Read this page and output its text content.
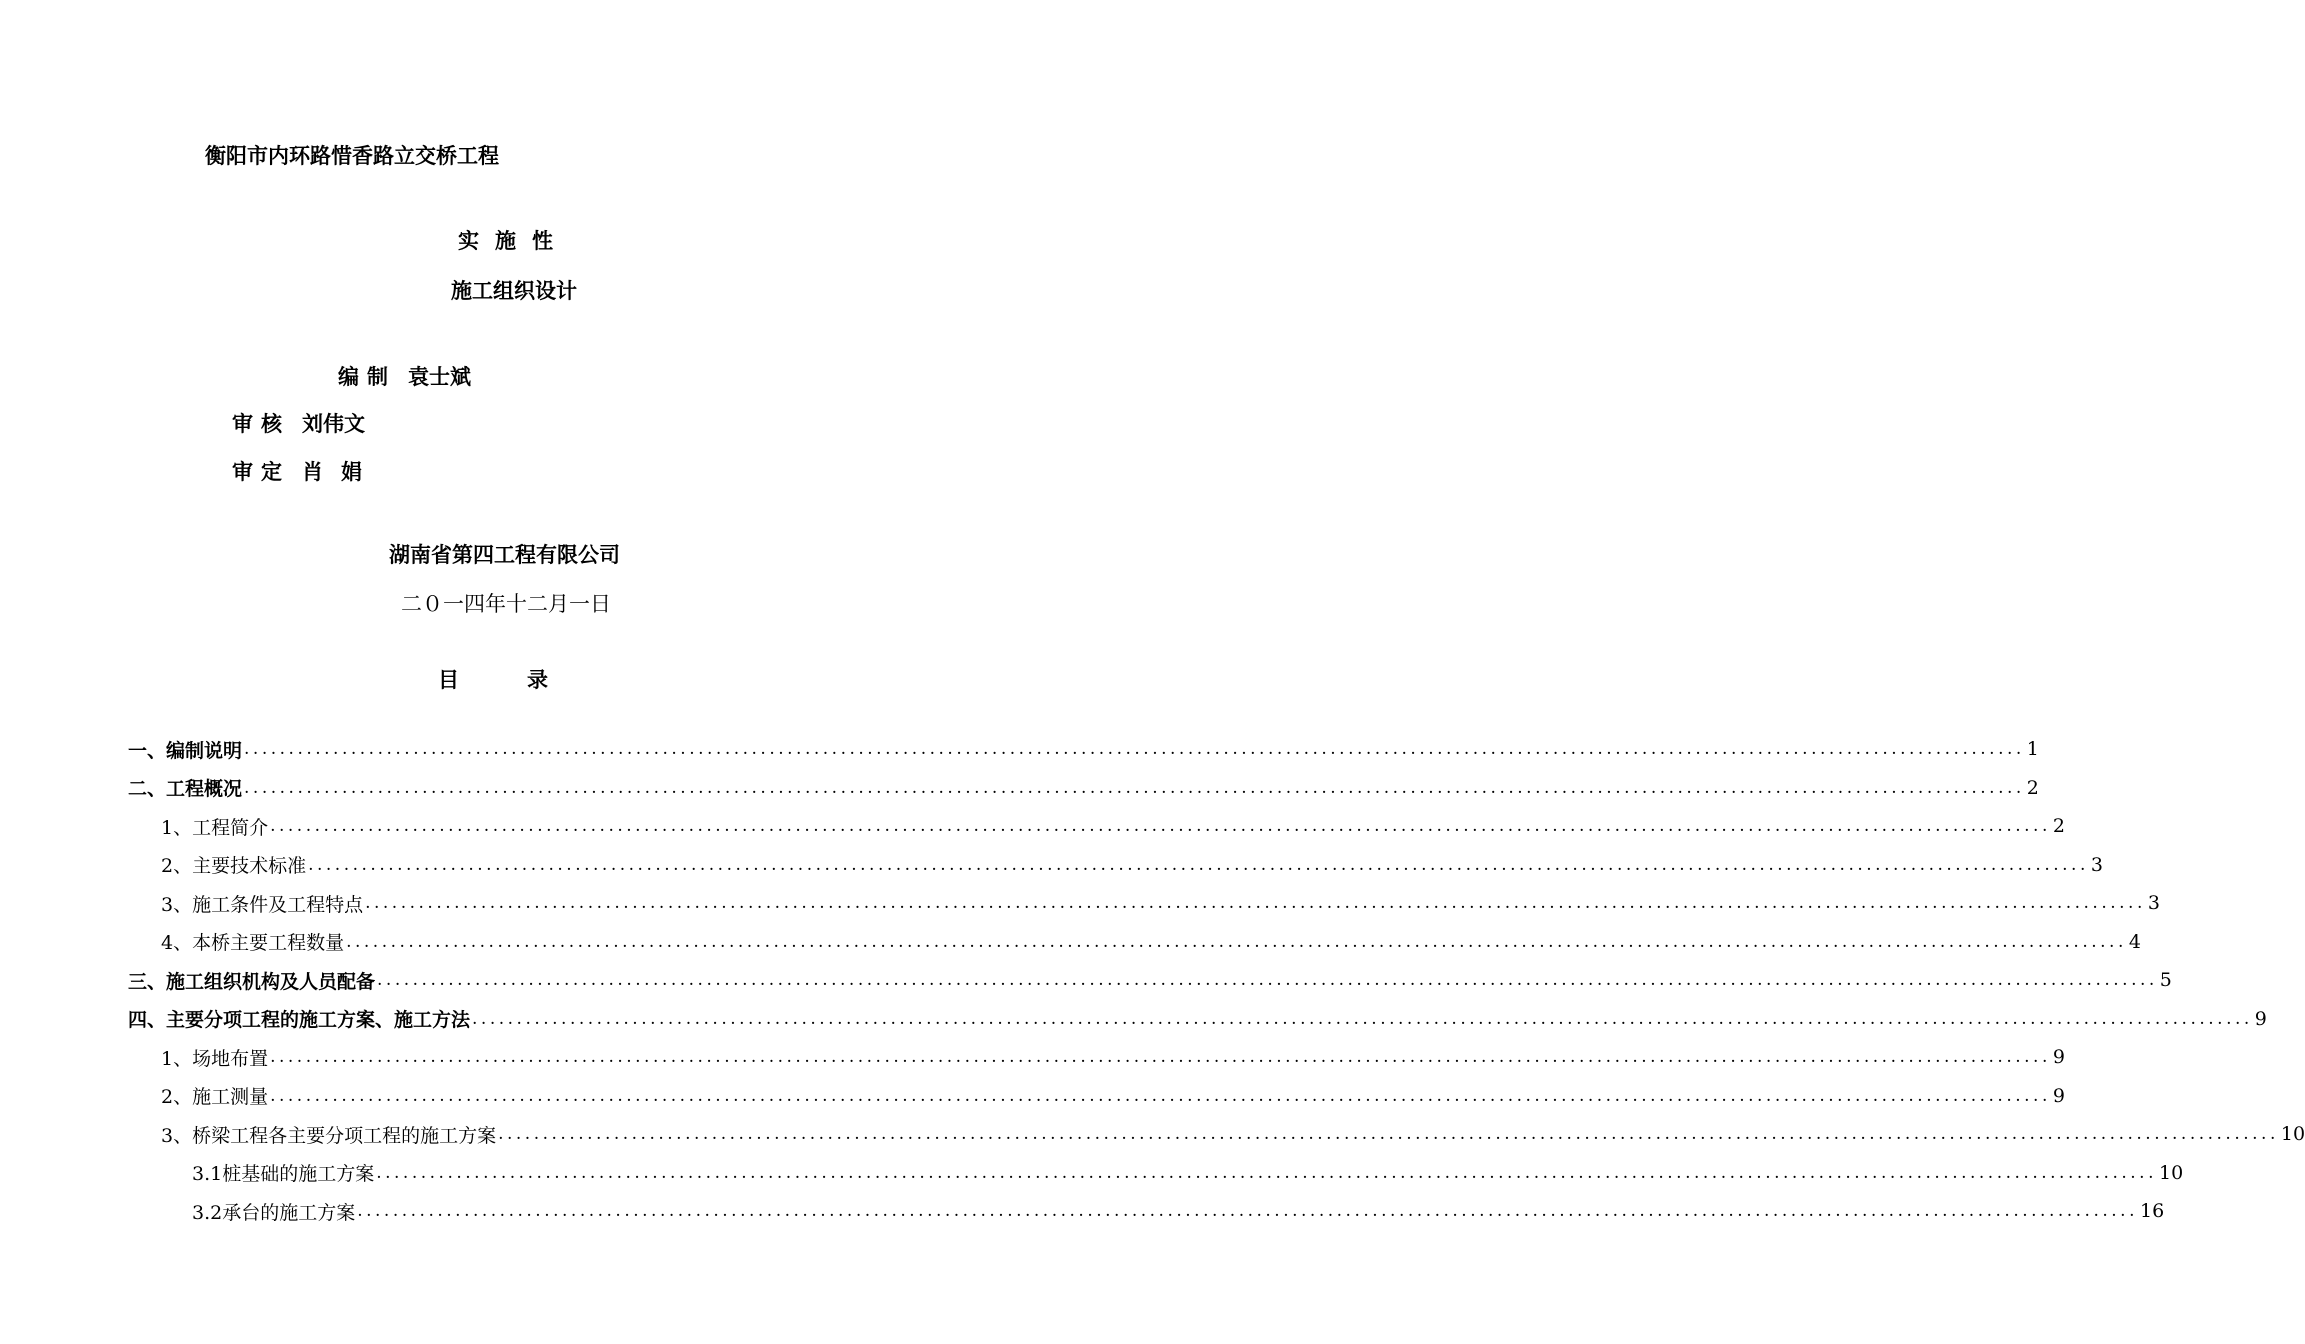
衡阳市内环路惜香路立交桥工程
实施性
施工组织设计
编制 袁士斌
审核 刘伟文
审定 肖娟
湖南省第四工程有限公司
二０一四年十二月一日
目录
一、编制说明 ........................................................................................................................................................................................................ 1
二、工程概况 ........................................................................................................................................................................................................ 2
1、工程简介 ........................................................................................................................................................................................................ 2
2、主要技术标准 ........................................................................................................................................................................................................ 3
3、施工条件及工程特点 ........................................................................................................................................................................................................ 3
4、本桥主要工程数量 ........................................................................................................................................................................................................ 4
三、施工组织机构及人员配备 ........................................................................................................................................................................................................ 5
四、主要分项工程的施工方案、施工方法 ........................................................................................................................................................................................................ 9
1、场地布置 ........................................................................................................................................................................................................ 9
2、施工测量 ........................................................................................................................................................................................................ 9
3、桥梁工程各主要分项工程的施工方案 ........................................................................................................................................................................................................ 10
3.1桩基础的施工方案 ........................................................................................................................................................................................................ 10
3.2承台的施工方案 ........................................................................................................................................................................................................ 16
